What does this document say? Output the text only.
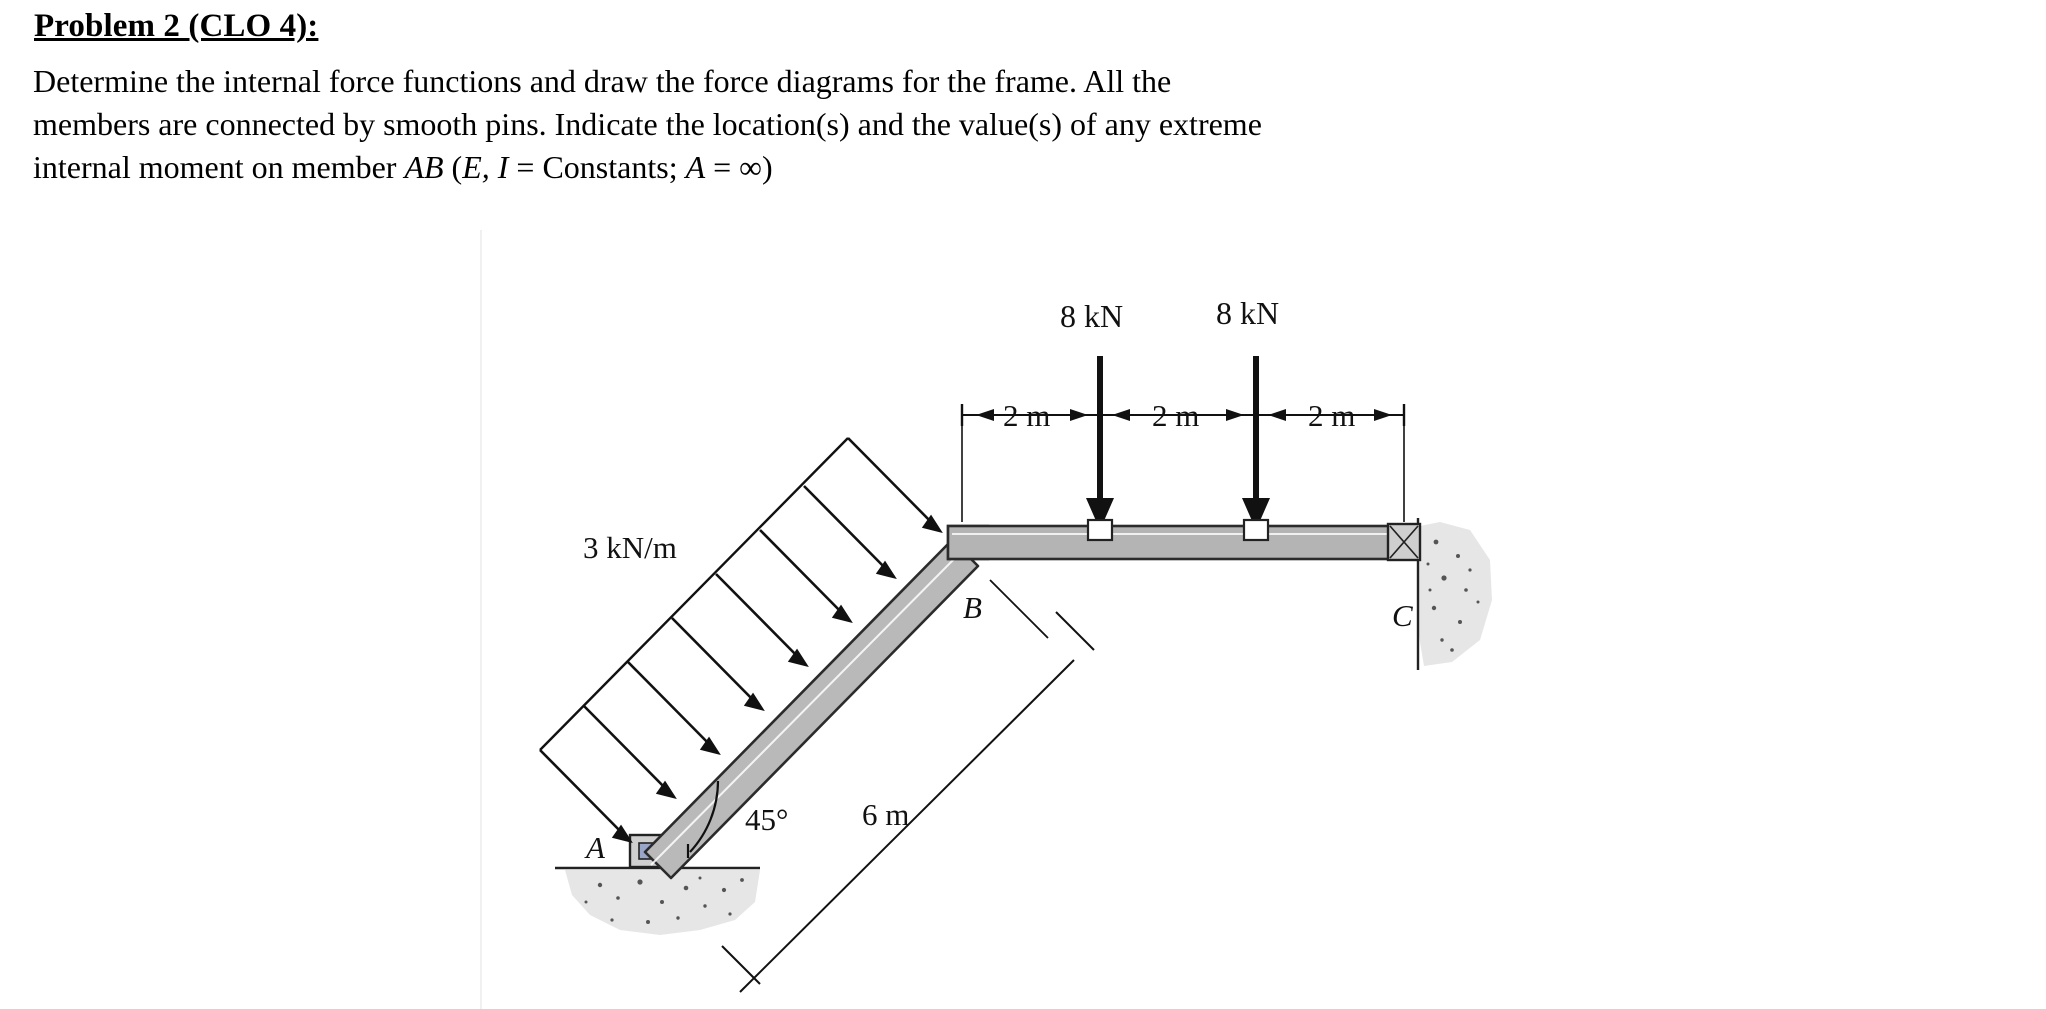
Problem 2 (CLO 4):
Determine the internal force functions and draw the force diagrams for the frame. All the
members are connected by smooth pins. Indicate the location(s) and the value(s) of any extreme
internal moment on member AB (E, I = Constants; A = ∞)
3 kN/m
45° 6 m
B	C
8 kN	8 kN
2 m	2 m	2 m
A
